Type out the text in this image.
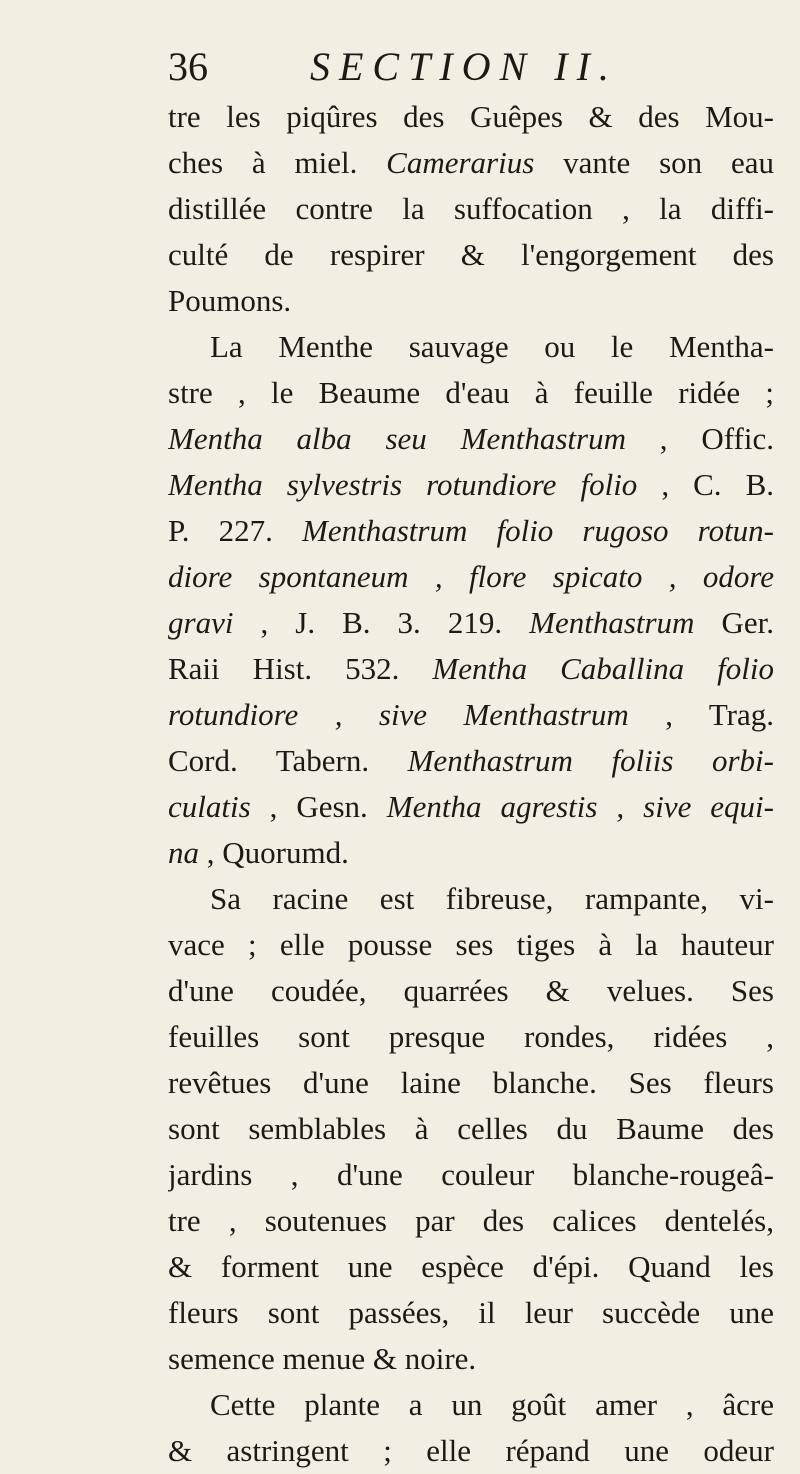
36	SECTION II.
tre les piqûres des Guêpes & des Mou-
ches à miel. Camerarius vante son eau
distillée contre la suffocation , la diffi-
culté de respirer & l'engorgement des
Poumons.
La Menthe sauvage ou le Mentha-
stre , le Beaume d'eau à feuille ridée ;
Mentha alba seu Menthastrum , Offic.
Mentha sylvestris rotundiore folio , C. B.
P. 227. Menthastrum folio rugoso rotun-
diore spontaneum , flore spicato , odore
gravi , J. B. 3. 219. Menthastrum Ger.
Raii Hist. 532. Mentha Caballina folio
rotundiore , sive Menthastrum , Trag.
Cord. Tabern. Menthastrum foliis orbi-
culatis , Gesn. Mentha agrestis , sive equi-
na , Quorumd.
Sa racine est fibreuse, rampante, vi-
vace ; elle pousse ses tiges à la hauteur
d'une coudée, quarrées & velues. Ses
feuilles sont presque rondes, ridées ,
revêtues d'une laine blanche. Ses fleurs
sont semblables à celles du Baume des
jardins , d'une couleur blanche-rougeâ-
tre , soutenues par des calices dentelés,
& forment une espèce d'épi. Quand les
fleurs sont passées, il leur succède une
semence menue & noire.
Cette plante a un goût amer , âcre
& astringent ; elle répand une odeur
